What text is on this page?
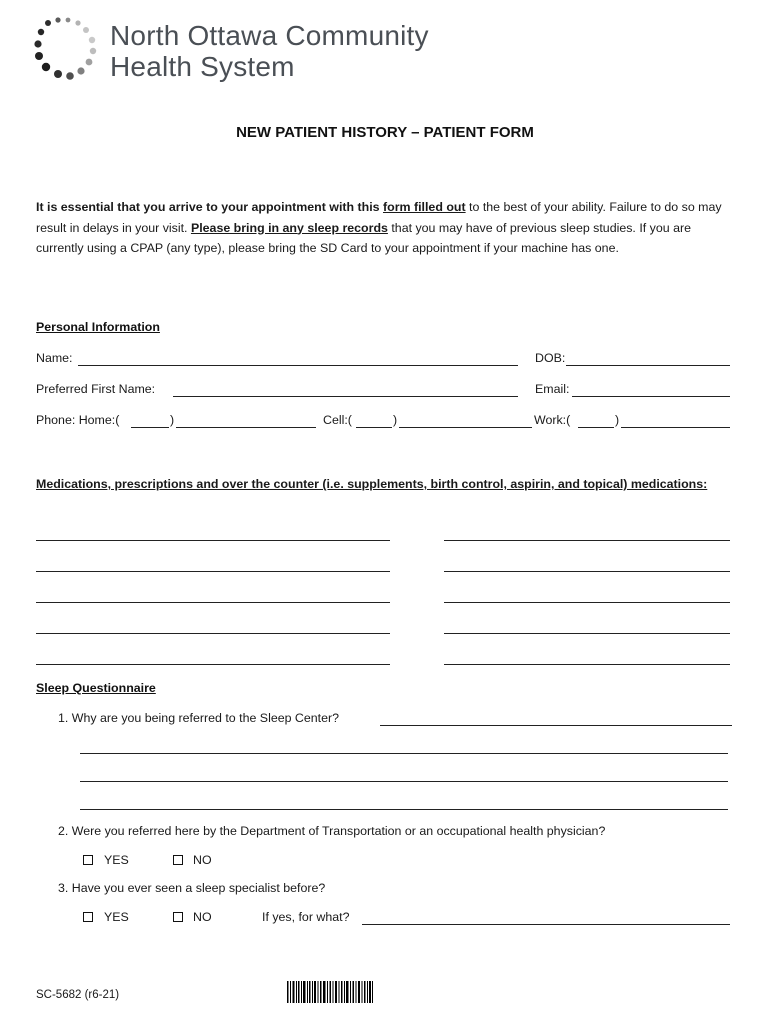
North Ottawa Community
Health System
NEW PATIENT HISTORY – PATIENT FORM
It is essential that you arrive to your appointment with this form filled out to the best of your ability. Failure to do so may result in delays in your visit. Please bring in any sleep records that you may have of previous sleep studies. If you are currently using a CPAP (any type), please bring the SD Card to your appointment if your machine has one.
Personal Information
Name:	DOB:
Preferred First Name:	Email:
Phone: Home:(	)	Cell:(	)	Work:(	)
Medications, prescriptions and over the counter (i.e. supplements, birth control, aspirin, and topical) medications:
Sleep Questionnaire
1. Why are you being referred to the Sleep Center?
2. Were you referred here by the Department of Transportation or an occupational health physician?
YES	NO
3. Have you ever seen a sleep specialist before?
YES	NO	If yes, for what?
SC-5682 (r6-21)
